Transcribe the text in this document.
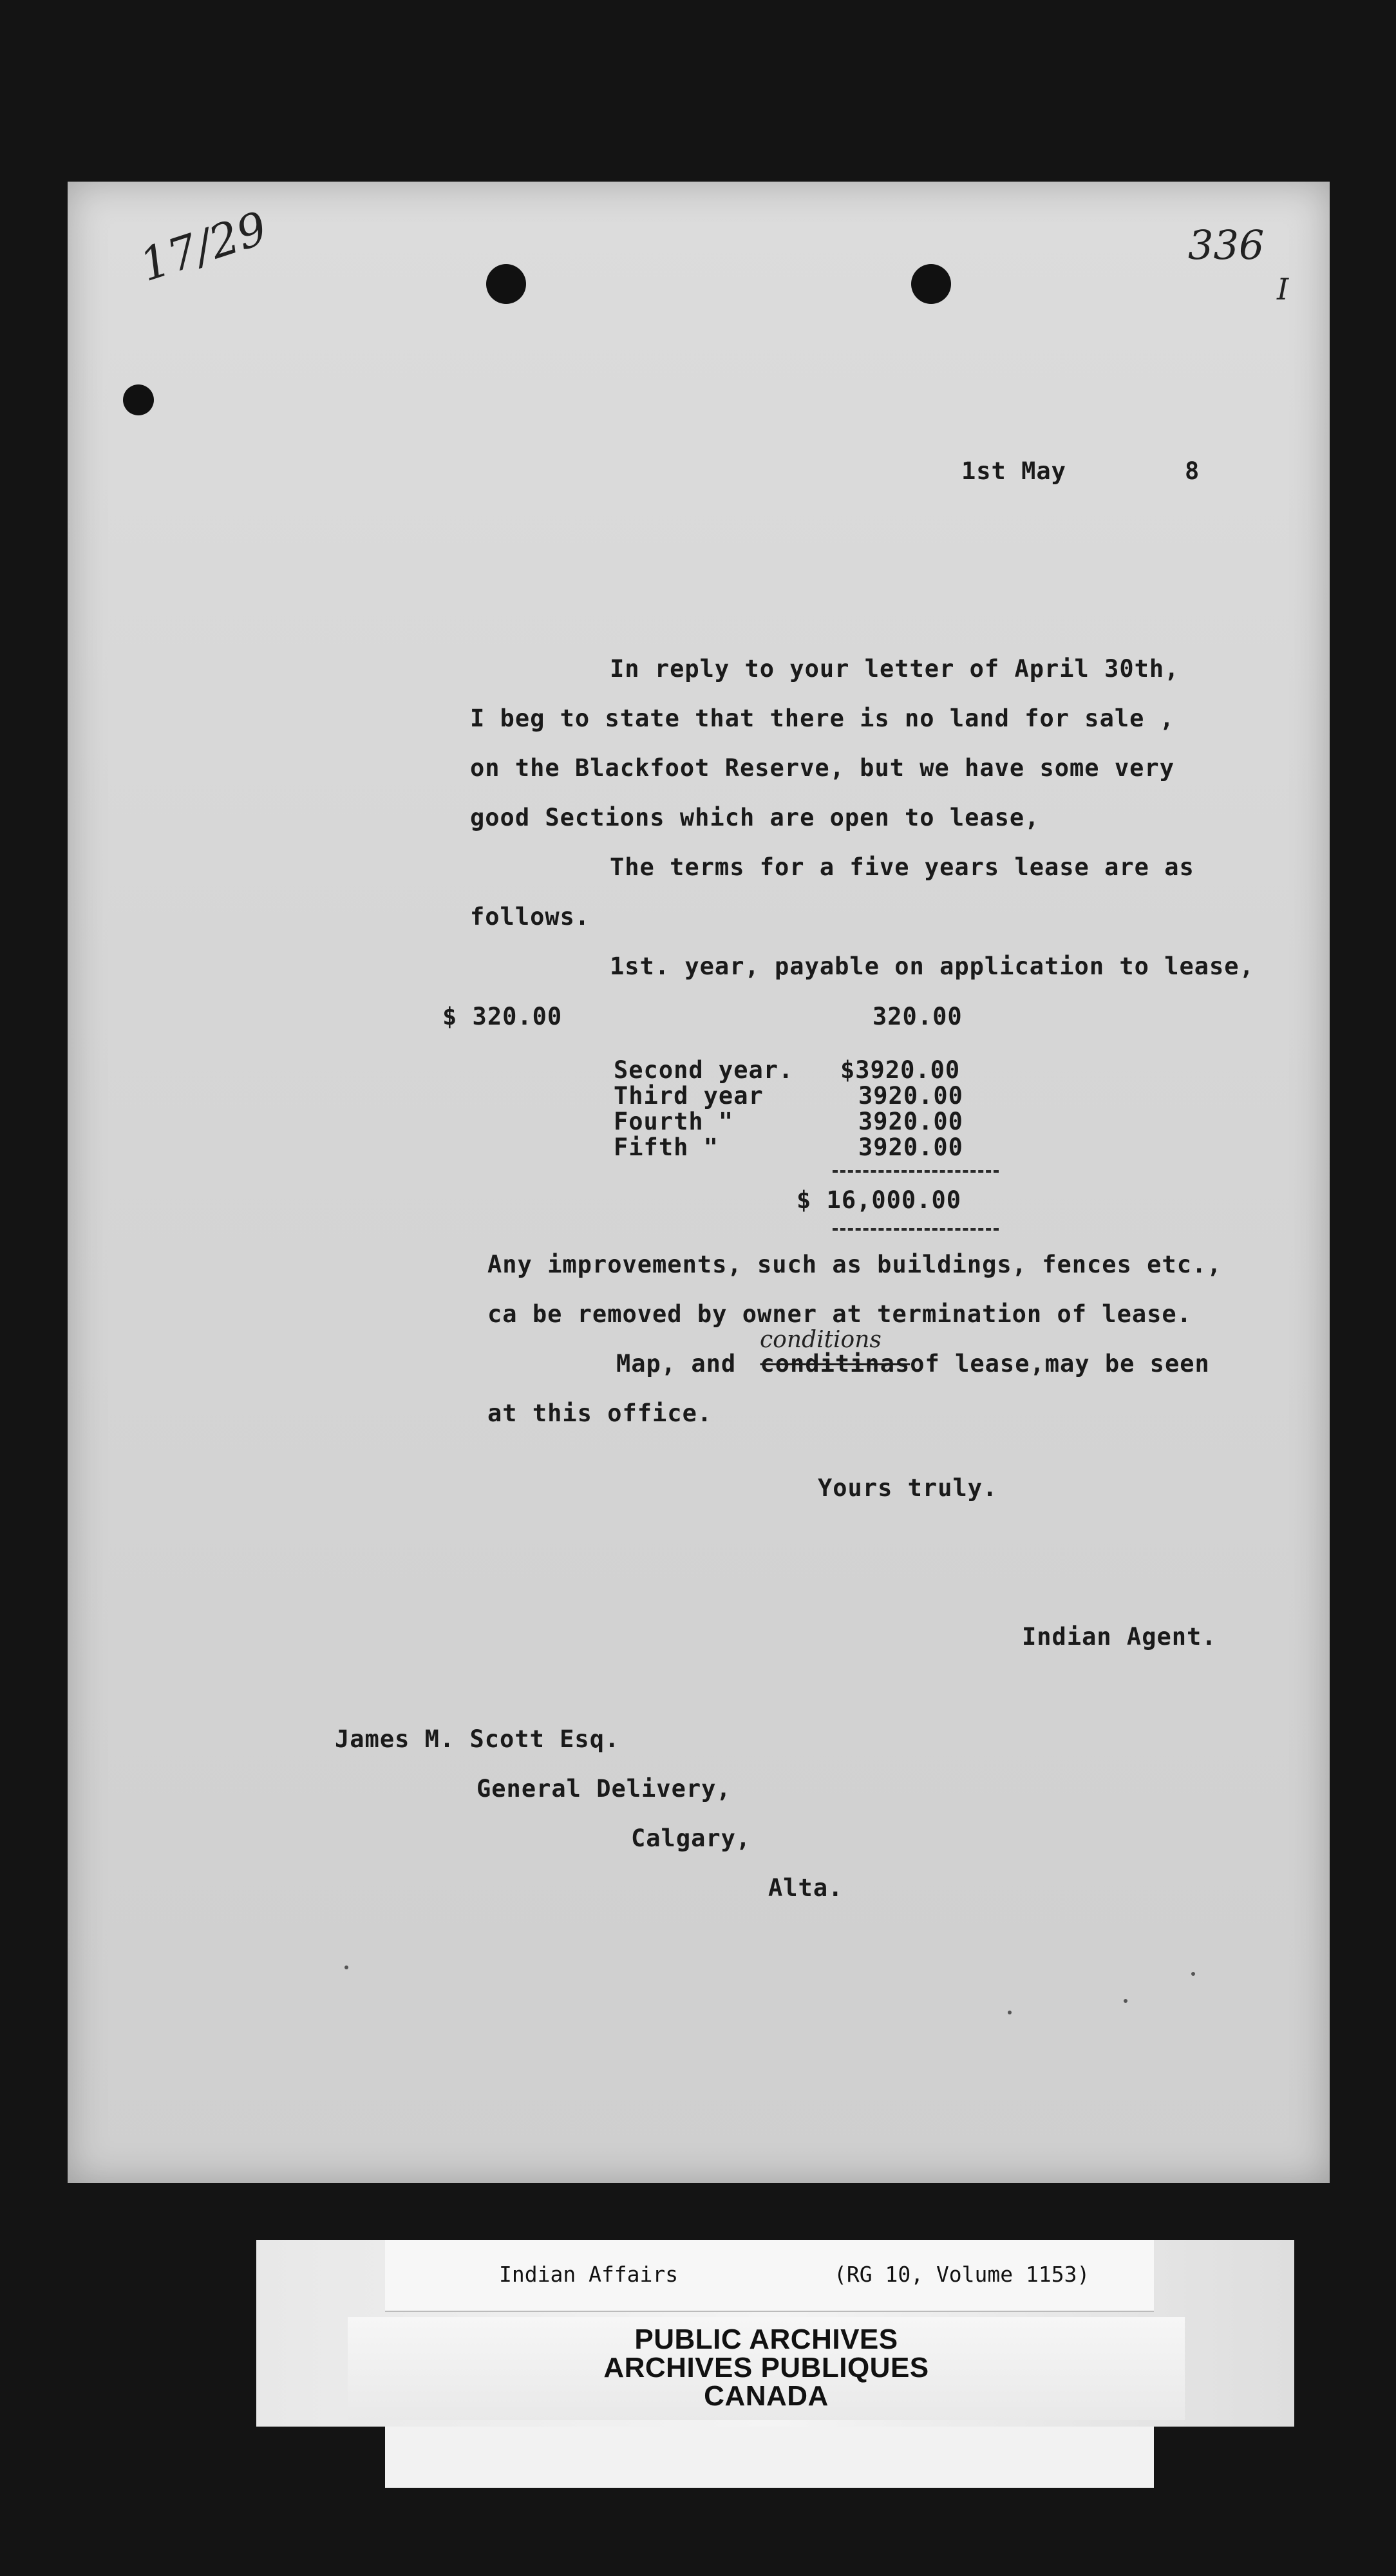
17/29	336
I
1st May	8
In reply to your letter of April 30th,
I beg to state that there is no land for sale ,
on the Blackfoot Reserve, but we have some very
good Sections which are open to lease,
The terms for a five years lease are as
follows.
1st. year, payable on application to lease,
$ 320.00	320.00
Second year. $3920.00
Third year	3920.00
Fourth "	3920.00
Fifth "	3920.00
$ 16,000.00
Any improvements, such as buildings, fences etc.,
ca be removed by owner at termination of lease.
conditions
Map, and conditinasof lease,may be seen
at this office.
Yours truly.
Indian Agent.
James M. Scott Esq.
General Delivery,
Calgary,
Alta.
Indian Affairs	(RG 10, Volume 1153)
PUBLIC ARCHIVES
ARCHIVES PUBLIQUES
CANADA
